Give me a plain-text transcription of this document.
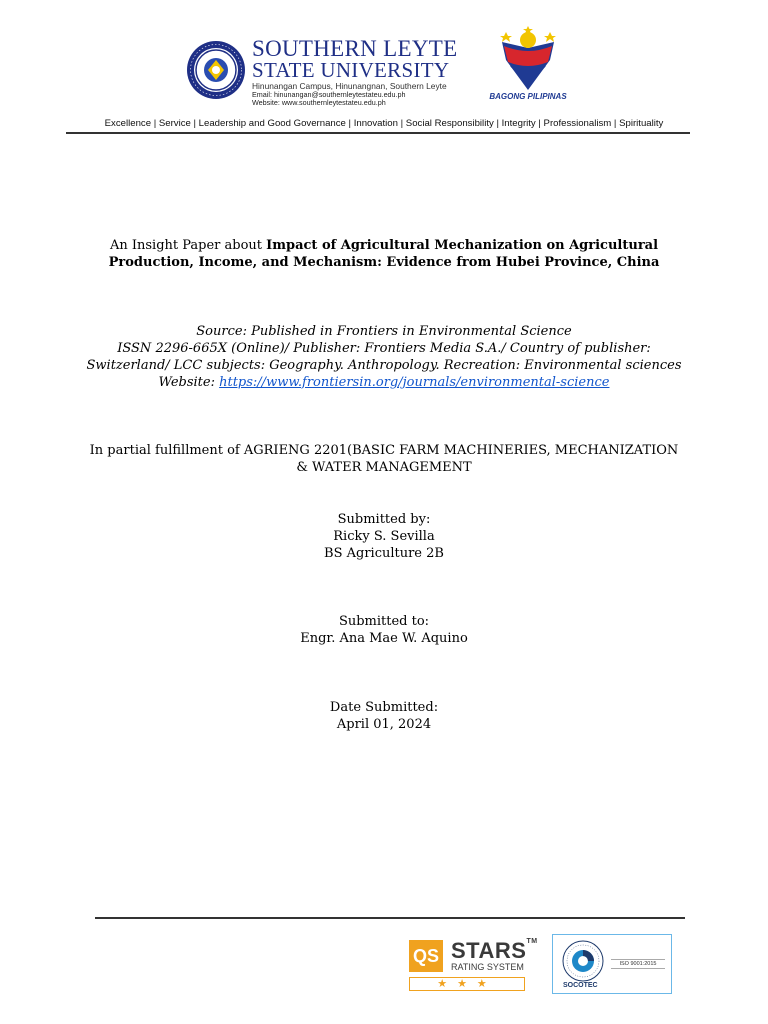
SOUTHERN LEYTE
STATE UNIVERSITY
Hinunangan Campus, Hinunangnan, Southern Leyte
Email: hinunangan@southernleytestateu.edu.ph
Website: www.southernleytestateu.edu.ph
BAGONG PILIPINAS
Excellence | Service | Leadership and Good Governance | Innovation | Social Responsibility | Integrity | Professionalism | Spirituality
An Insight Paper about Impact of Agricultural Mechanization on Agricultural
Production, Income, and Mechanism: Evidence from Hubei Province, China
Source: Published in Frontiers in Environmental Science
ISSN 2296-665X (Online)/ Publisher: Frontiers Media S.A./ Country of publisher:
Switzerland/ LCC subjects: Geography. Anthropology. Recreation: Environmental sciences
Website: https://www.frontiersin.org/journals/environmental-science
In partial fulfillment of AGRIENG 2201(BASIC FARM MACHINERIES, MECHANIZATION
& WATER MANAGEMENT
Submitted by:
Ricky S. Sevilla
BS Agriculture 2B
Submitted to:
Engr. Ana Mae W. Aquino
Date Submitted:
April 01, 2024
QS STARS™
RATING SYSTEM
★★★	SOCOTEC
ISO 9001:2015
